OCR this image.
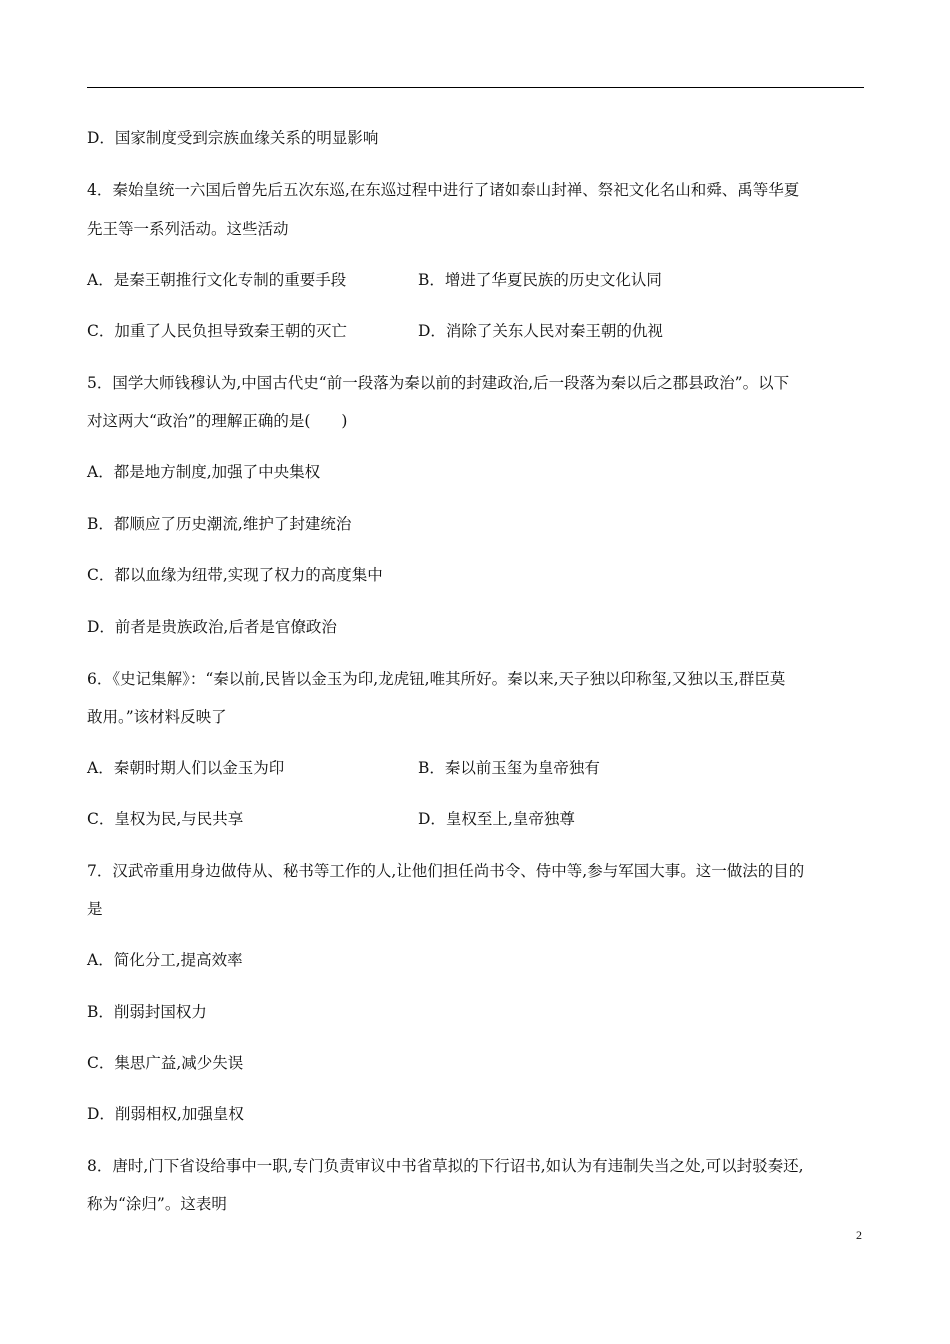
D．国家制度受到宗族血缘关系的明显影响
4．秦始皇统一六国后曾先后五次东巡,在东巡过程中进行了诸如泰山封禅、祭祀文化名山和舜、禹等华夏
先王等一系列活动。这些活动
A．是秦王朝推行文化专制的重要手段	B．增进了华夏民族的历史文化认同
C．加重了人民负担导致秦王朝的灭亡	D．消除了关东人民对秦王朝的仇视
5．国学大师钱穆认为,中国古代史“前一段落为秦以前的封建政治,后一段落为秦以后之郡县政治”。以下
对这两大“政治”的理解正确的是(　　)
A．都是地方制度,加强了中央集权
B．都顺应了历史潮流,维护了封建统治
C．都以血缘为纽带,实现了权力的高度集中
D．前者是贵族政治,后者是官僚政治
6．《史记集解》：“秦以前,民皆以金玉为印,龙虎钮,唯其所好。秦以来,天子独以印称玺,又独以玉,群臣莫
敢用。”该材料反映了
A．秦朝时期人们以金玉为印	B．秦以前玉玺为皇帝独有
C．皇权为民,与民共享	D．皇权至上,皇帝独尊
7．汉武帝重用身边做侍从、秘书等工作的人,让他们担任尚书令、侍中等,参与军国大事。这一做法的目的
是
A．简化分工,提高效率
B．削弱封国权力
C．集思广益,减少失误
D．削弱相权,加强皇权
8．唐时,门下省设给事中一职,专门负责审议中书省草拟的下行诏书,如认为有违制失当之处,可以封驳奏还,
称为“涂归”。这表明
2
